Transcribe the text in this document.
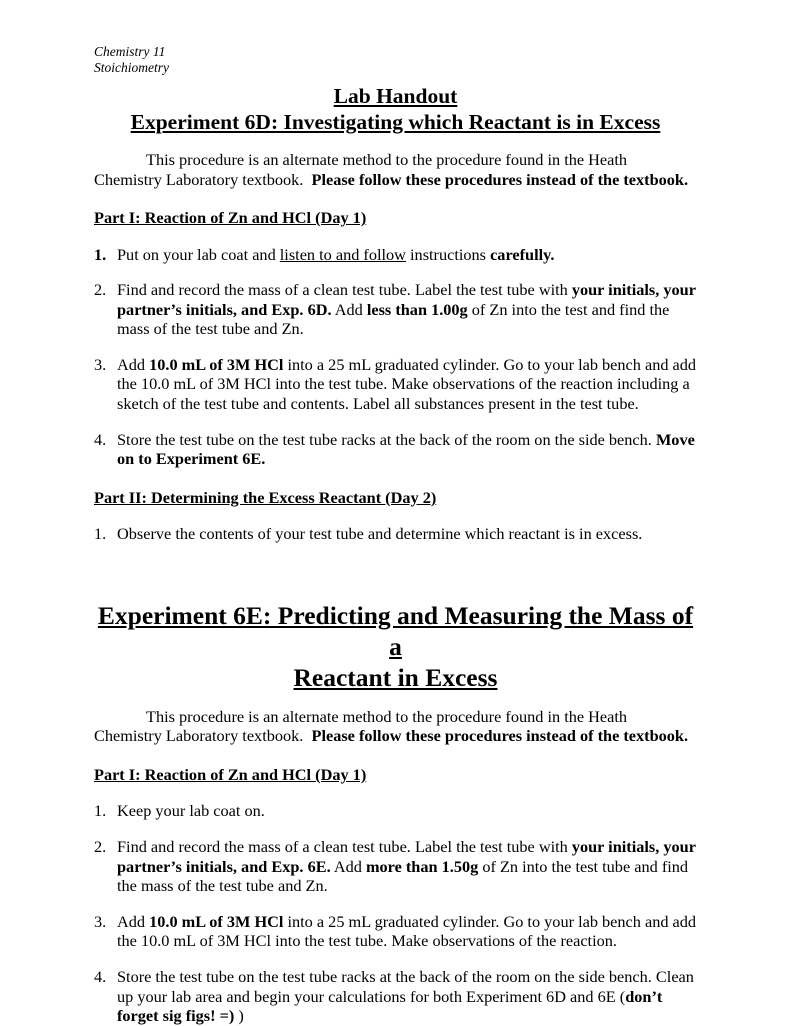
Chemistry 11
Stoichiometry
Lab Handout
Experiment 6D: Investigating which Reactant is in Excess

This procedure is an alternate method to the procedure found in the Heath Chemistry Laboratory textbook. Please follow these procedures instead of the textbook.

Part I: Reaction of Zn and HCl (Day 1)
1. Put on your lab coat and listen to and follow instructions carefully.
2. Find and record the mass of a clean test tube. Label the test tube with your initials, your partner’s initials, and Exp. 6D. Add less than 1.00g of Zn into the test and find the mass of the test tube and Zn.
3. Add 10.0 mL of 3M HCl into a 25 mL graduated cylinder. Go to your lab bench and add the 10.0 mL of 3M HCl into the test tube. Make observations of the reaction including a sketch of the test tube and contents. Label all substances present in the test tube.
4. Store the test tube on the test tube racks at the back of the room on the side bench. Move on to Experiment 6E.
Part II: Determining the Excess Reactant (Day 2)
1. Observe the contents of your test tube and determine which reactant is in excess.
Experiment 6E: Predicting and Measuring the Mass of a
Reactant in Excess

This procedure is an alternate method to the procedure found in the Heath Chemistry Laboratory textbook. Please follow these procedures instead of the textbook.

Part I: Reaction of Zn and HCl (Day 1)
1. Keep your lab coat on.
2. Find and record the mass of a clean test tube. Label the test tube with your initials, your partner’s initials, and Exp. 6E. Add more than 1.50g of Zn into the test tube and find the mass of the test tube and Zn.
3. Add 10.0 mL of 3M HCl into a 25 mL graduated cylinder. Go to your lab bench and add the 10.0 mL of 3M HCl into the test tube. Make observations of the reaction.
4. Store the test tube on the test tube racks at the back of the room on the side bench. Clean up your lab area and begin your calculations for both Experiment 6D and 6E (don’t forget sig figs! =) )
